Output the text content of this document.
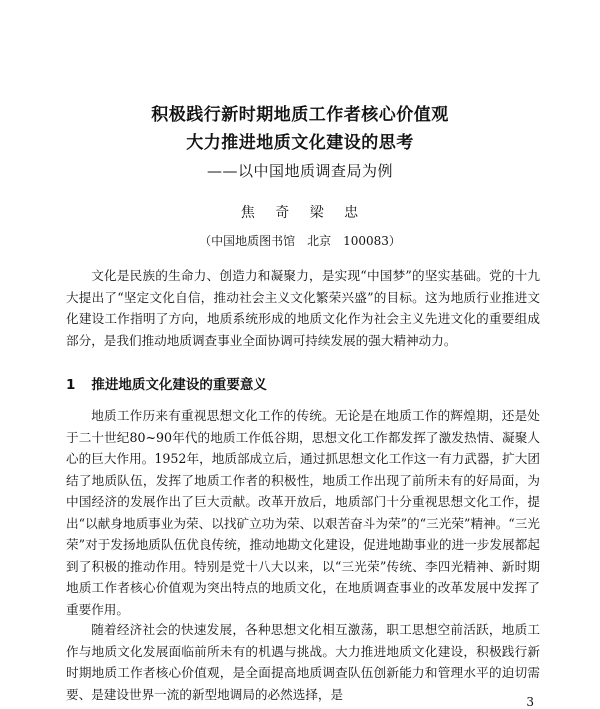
积极践行新时期地质工作者核心价值观
大力推进地质文化建设的思考
——以中国地质调查局为例
焦 奇 梁 忠
（中国地质图书馆　北京　100083）

文化是民族的生命力、创造力和凝聚力，是实现“中国梦”的坚实基础。党的十九大提出了“坚定文化自信，推动社会主义文化繁荣兴盛”的目标。这为地质行业推进文化建设工作指明了方向，地质系统形成的地质文化作为社会主义先进文化的重要组成部分，是我们推动地质调查事业全面协调可持续发展的强大精神动力。

1 推进地质文化建设的重要意义

地质工作历来有重视思想文化工作的传统。无论是在地质工作的辉煌期，还是处于二十世纪80~90年代的地质工作低谷期，思想文化工作都发挥了激发热情、凝聚人心的巨大作用。1952年，地质部成立后，通过抓思想文化工作这一有力武器，扩大团结了地质队伍，发挥了地质工作者的积极性，地质工作出现了前所未有的好局面，为中国经济的发展作出了巨大贡献。改革开放后，地质部门十分重视思想文化工作，提出“以献身地质事业为荣、以找矿立功为荣、以艰苦奋斗为荣”的“三光荣”精神。“三光荣”对于发扬地质队伍优良传统，推动地勘文化建设，促进地勘事业的进一步发展都起到了积极的推动作用。特别是党十八大以来，以“三光荣”传统、李四光精神、新时期地质工作者核心价值观为突出特点的地质文化，在地质调查事业的改革发展中发挥了重要作用。

随着经济社会的快速发展，各种思想文化相互激荡，职工思想空前活跃，地质工作与地质文化发展面临前所未有的机遇与挑战。大力推进地质文化建设，积极践行新时期地质工作者核心价值观，是全面提高地质调查队伍创新能力和管理水平的迫切需要、是建设世界一流的新型地调局的必然选择，是

3
